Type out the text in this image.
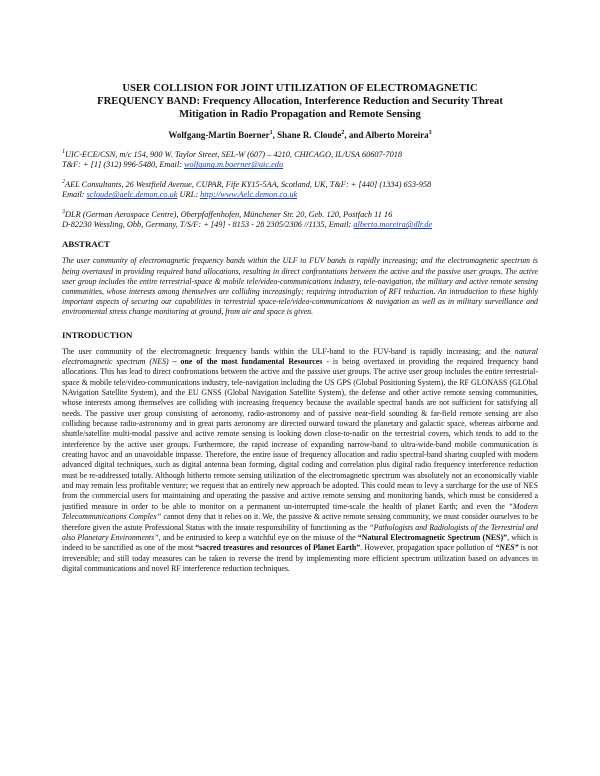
USER COLLISION FOR JOINT UTILIZATION OF ELECTROMAGNETIC
FREQUENCY BAND: Frequency Allocation, Interference Reduction and Security Threat
Mitigation in Radio Propagation and Remote Sensing
Wolfgang-Martin Boerner$^1$, Shane R. Cloude$^2$, and Alberto Moreira$^3$
$^1$UIC-ECE/CSN, m/c 154, 900 W. Taylor Street, SEL-W (607) – 4210, CHICAGO, IL/USA 60607-7018
T&F: + [1] (312) 996-5480, Email: wolfgang.m.boerner@uic.edu
$^2$AEL Consultants, 26 Westfield Avenue, CUPAR, Fife KY15-5AA, Scotland, UK, T&F: + [440] (1334) 653-958
Email: scloude@aelc.demon.co.uk URL: http://www.Aelc.demon.co.uk
$^3$DLR (German Aerospace Centre), Oberpfaffenhofen, Münchener Str. 20, Geb. 120, Postfach 11 16
D-82230 Wessling, Obb, Germany, T/S/F: + [49] - 8153 - 28 2305/2306 //1135, Email: alberto.moreira@dlr.de
ABSTRACT
The user community of electromagnetic frequency bands within the ULF to FUV bands is rapidly increasing; and the electromagnetic spectrum is being overtaxed in providing required band allocations, resulting in direct confrontations between the active and the passive user groups. The active user group includes the entire terrestrial-space & mobile tele/video-communications industry, tele-navigation, the military and active remote sensing communities, whose interests among themselves are colliding increasingly; requiring introduction of RFI reduction. An introduction to these highly important aspects of securing our capabilities in terrestrial space-tele/video-communications & navigation as well as in military surveillance and environmental stress change monitoring at ground, from air and space is given.
INTRODUCTION

The user community of the electromagnetic frequency bands within the ULF-band to the FUV-band is rapidly increasing; and the natural electromagnetic spectrum (NES) – one of the most fundamental Resources - is being overtaxed in providing the required frequency band allocations. This has lead to direct confrontations between the active and the passive user groups. The active user group includes the entire terrestrial-space & mobile tele/video-communications industry, tele-navigation including the US GPS (Global Positioning System), the RF GLONASS (GLObal NAvigation Satellite System), and the EU GNSS (Global Navigation Satellite System), the defense and other active remote sensing communities, whose interests among themselves are colliding with increasing frequency because the available spectral bands are not sufficient for satisfying all needs. The passive user group consisting of aeronomy, radio-astronomy and of passive near-field sounding & far-field remote sensing are also colliding because radio-astronomy and in great parts aeronomy are directed outward toward the planetary and galactic space, whereas airborne and shuttle/satellite multi-modal passive and active remote sensing is looking down close-to-nadir on the terrestrial covers, which tends to add to the interference by the active user groups. Furthermore, the rapid increase of expanding narrow-band to ultra-wide-band mobile communication is creating havoc and an unavoidable impasse. Therefore, the entire issue of frequency allocation and radio spectral-band sharing coupled with modern advanced digital techniques, such as digital antenna bean forming, digital coding and correlation plus digital radio frequency interference reduction must be re-addressed totally. Although hitherto remote sensing utilization of the electromagnetic spectrum was absolutely not an economically viable and may remain less profitable venture; we request that an entirely new approach be adopted. This could mean to levy a surcharge for the use of NES from the commercial users for maintaining and operating the passive and active remote sensing and monitoring bands, which must be considered a justified measure in order to be able to monitor on a permanent un-interrupted time-scale the health of planet Earth; and even the “Modern Telecommunications Complex” cannot deny that it relies on it. We, the passive & active remote sensing community, we must consider ourselves to be therefore given the astute Professional Status with the innate responsibility of functioning as the “Pathologists and Radiologists of the Terrestrial and also Planetary Environments”, and be entrusted to keep a watchful eye on the misuse of the “Natural Electromagnetic Spectrum (NES)”, which is indeed to be sanctified as one of the most “sacred treasures and resources of Planet Earth”. However, propagation space pollution of “NES” is not irreversible; and still today measures can be taken to reverse the trend by implementing more efficient spectrum utilization based on advances in digital communications and novel RF interference reduction techniques.
